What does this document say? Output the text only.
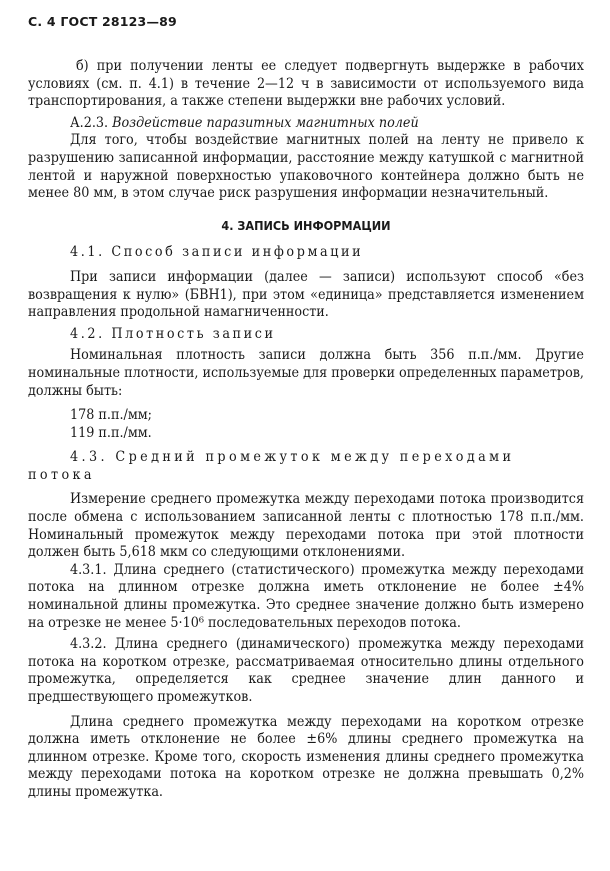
С. 4 ГОСТ 28123—89

б) при получении ленты ее следует подвергнуть выдержке в рабочих условиях (см. п. 4.1) в течение 2—12 ч в зависимости от используемого вида транспортирования, а также степени выдержки вне рабочих условий.

А.2.3. Воздействие паразитных магнитных полей

Для того, чтобы воздействие магнитных полей на ленту не привело к разрушению записанной информации, расстояние между катушкой с магнитной лентой и наружной поверхностью упаковочного контейнера должно быть не менее 80 мм, в этом случае риск разрушения информации незначительный.

4. ЗАПИСЬ ИНФОРМАЦИИ

4.1. Способ записи информации

При записи информации (далее — записи) используют способ «без возвращения к нулю» (БВН1), при этом «единица» представляется изменением направления продольной намагниченности.

4.2. Плотность записи

Номинальная плотность записи должна быть 356 п.п./мм. Другие номинальные плотности, используемые для проверки определенных параметров, должны быть:

178 п.п./мм;

119 п.п./мм.

4.3. Средний промежуток между переходами потока

Измерение среднего промежутка между переходами потока производится после обмена с использованием записанной ленты с плотностью 178 п.п./мм. Номинальный промежуток между переходами потока при этой плотности должен быть 5,618 мкм со следующими отклонениями.

4.3.1. Длина среднего (статистического) промежутка между переходами потока на длинном отрезке должна иметь отклонение не более ±4% номинальной длины промежутка. Это среднее значение должно быть измерено на отрезке не менее 5·10⁶ последовательных переходов потока.

4.3.2. Длина среднего (динамического) промежутка между переходами потока на коротком отрезке, рассматриваемая относительно длины отдельного промежутка, определяется как среднее значение длин данного и предшествующего промежутков.

Длина среднего промежутка между переходами на коротком отрезке должна иметь отклонение не более ±6% длины среднего промежутка на длинном отрезке. Кроме того, скорость изменения длины среднего промежутка между переходами потока на коротком отрезке не должна превышать 0,2% длины промежутка.
